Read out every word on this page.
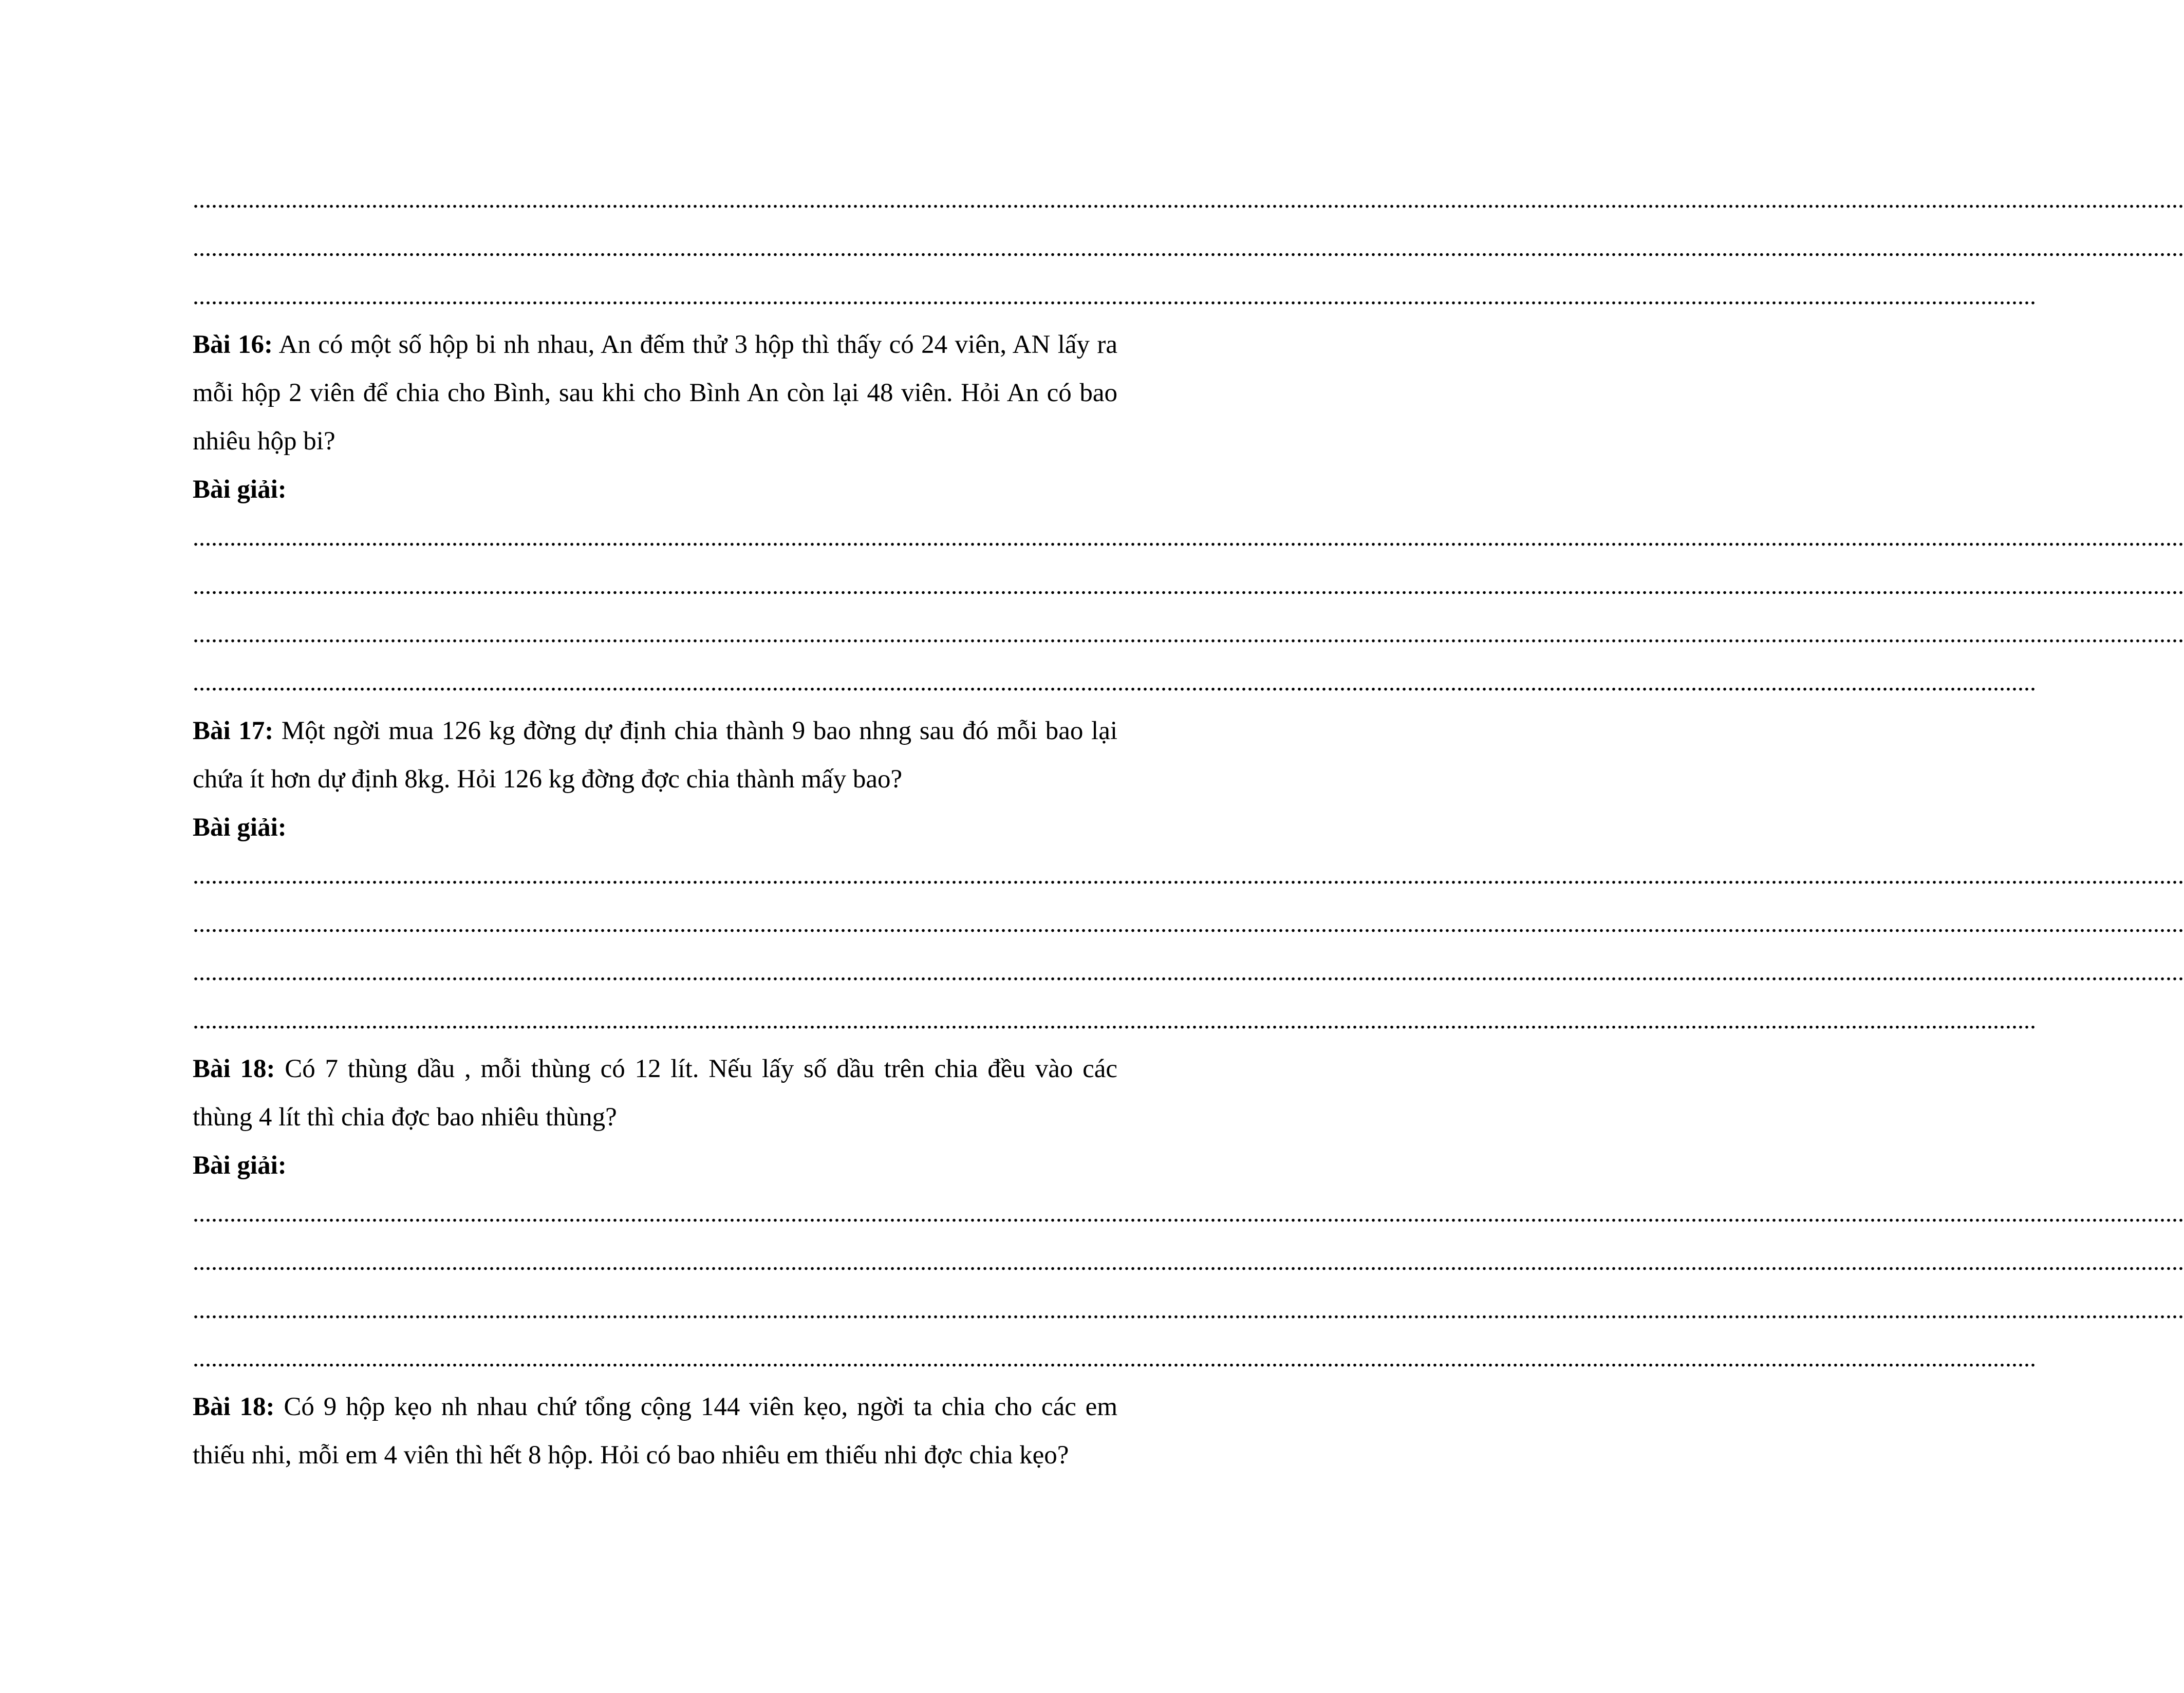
...................................................................................................................................................................................................................................................................................................................................
...................................................................................................................................................................................................................................................................................................................................
...........................................................................................................................................................................................................................................................................................................
Bài 16: An có một số hộp bi nh nhau, An đếm thử 3 hộp thì thấy có 24 viên, AN lấy ra mỗi hộp 2 viên để chia cho Bình, sau khi cho Bình An còn lại 48 viên. Hỏi An có bao nhiêu hộp bi?
Bài giải:
...................................................................................................................................................................................................................................................................................................................................
...................................................................................................................................................................................................................................................................................................................................
...................................................................................................................................................................................................................................................................................................................................
...........................................................................................................................................................................................................................................................................................................
Bài 17: Một ngời mua 126 kg đờng dự định chia thành 9 bao nhng sau đó mỗi bao lại chứa ít hơn dự định 8kg. Hỏi 126 kg đờng đợc chia thành mấy bao?
Bài giải:
...................................................................................................................................................................................................................................................................................................................................
...................................................................................................................................................................................................................................................................................................................................
...................................................................................................................................................................................................................................................................................................................................
...........................................................................................................................................................................................................................................................................................................
Bài 18: Có 7 thùng dầu , mỗi thùng có 12 lít. Nếu lấy số dầu trên chia đều vào các thùng 4 lít thì chia đợc bao nhiêu thùng?
Bài giải:
...................................................................................................................................................................................................................................................................................................................................
...................................................................................................................................................................................................................................................................................................................................
...................................................................................................................................................................................................................................................................................................................................
...........................................................................................................................................................................................................................................................................................................
Bài 18: Có 9 hộp kẹo nh nhau chứ tổng cộng 144 viên kẹo, ngời ta chia cho các em thiếu nhi, mỗi em 4 viên thì hết 8 hộp. Hỏi có bao nhiêu em thiếu nhi đợc chia kẹo?
